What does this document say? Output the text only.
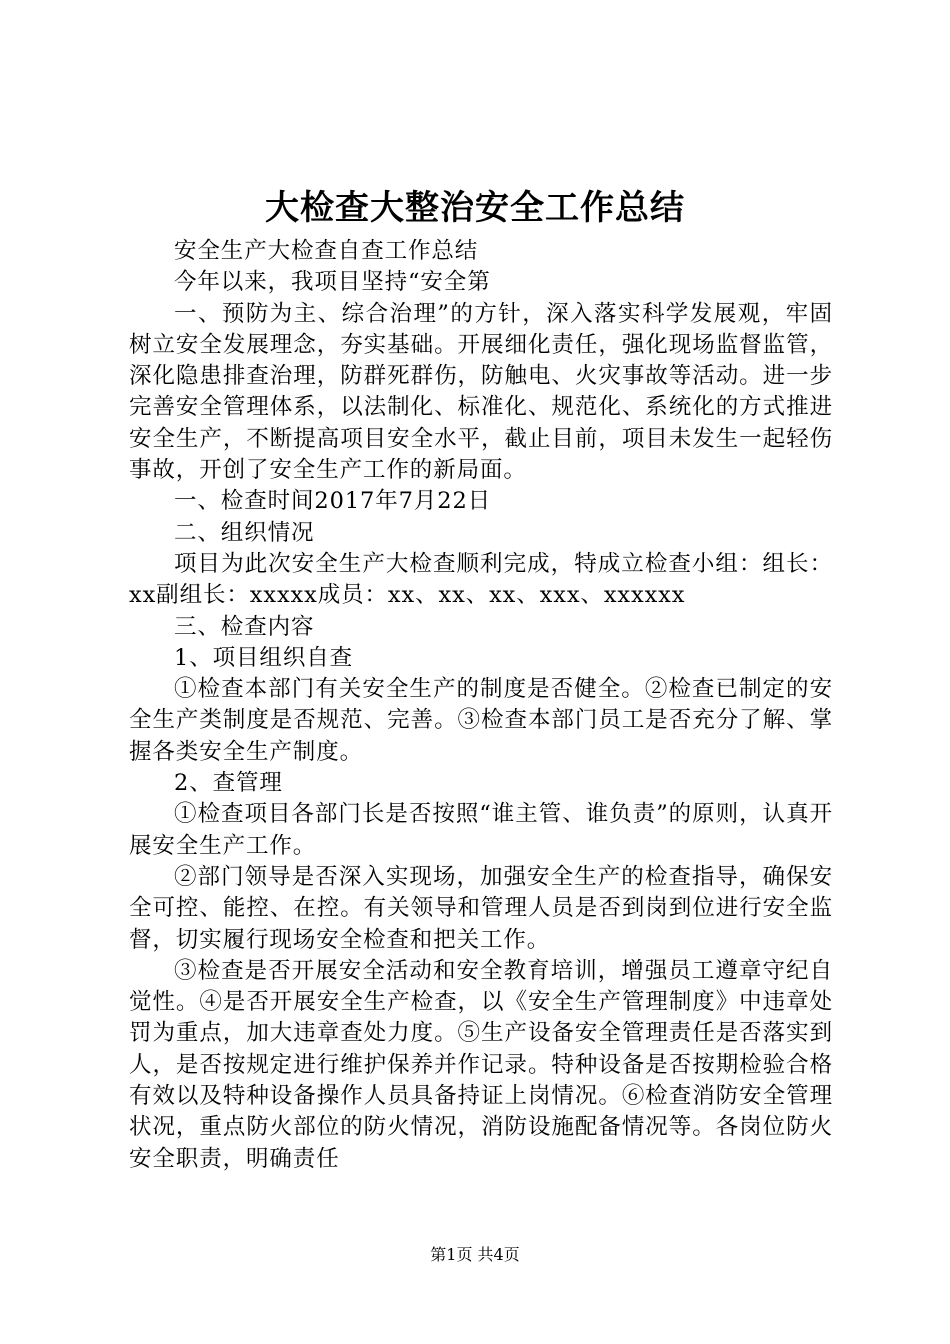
大检查大整治安全工作总结

安全生产大检查自查工作总结

今年以来，我项目坚持“安全第

一、预防为主、综合治理”的方针，深入落实科学发展观，牢固树立安全发展理念，夯实基础。开展细化责任，强化现场监督监管，深化隐患排查治理，防群死群伤，防触电、火灾事故等活动。进一步完善安全管理体系，以法制化、标准化、规范化、系统化的方式推进安全生产，不断提高项目安全水平，截止目前，项目未发生一起轻伤事故，开创了安全生产工作的新局面。

一、检查时间2017年7月22日

二、组织情况

项目为此次安全生产大检查顺利完成，特成立检查小组：组长：xx副组长：xxxxx成员：xx、xx、xx、xxx、xxxxxx

三、检查内容

1、项目组织自查

①检查本部门有关安全生产的制度是否健全。②检查已制定的安全生产类制度是否规范、完善。③检查本部门员工是否充分了解、掌握各类安全生产制度。

2、查管理

①检查项目各部门长是否按照“谁主管、谁负责”的原则，认真开展安全生产工作。

②部门领导是否深入实现场，加强安全生产的检查指导，确保安全可控、能控、在控。有关领导和管理人员是否到岗到位进行安全监督，切实履行现场安全检查和把关工作。

③检查是否开展安全活动和安全教育培训，增强员工遵章守纪自觉性。④是否开展安全生产检查，以《安全生产管理制度》中违章处罚为重点，加大违章查处力度。⑤生产设备安全管理责任是否落实到人，是否按规定进行维护保养并作记录。特种设备是否按期检验合格有效以及特种设备操作人员具备持证上岗情况。⑥检查消防安全管理状况，重点防火部位的防火情况，消防设施配备情况等。各岗位防火安全职责，明确责任

第1页 共4页
